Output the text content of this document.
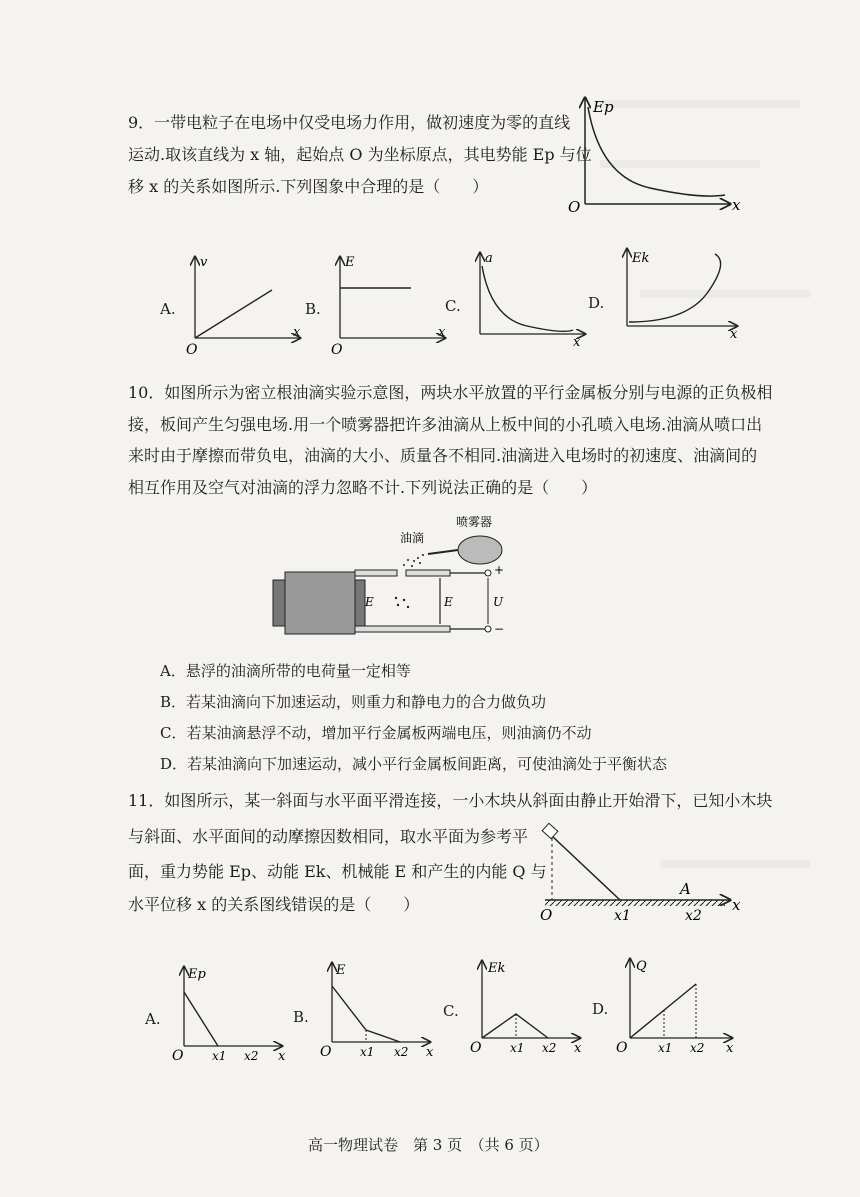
9．一带电粒子在电场中仅受电场力作用，做初速度为零的直线
运动.取该直线为 x 轴，起始点 O 为坐标原点，其电势能 Ep 与位
移 x 的关系如图所示.下列图象中合理的是（　　）
Ep
x
O
A.
v
x
O
B.
E
x
O
C.
a
x
D.
Ek
x
10．如图所示为密立根油滴实验示意图，两块水平放置的平行金属板分别与电源的正负极相
接，板间产生匀强电场.用一个喷雾器把许多油滴从上板中间的小孔喷入电场.油滴从喷口出
来时由于摩擦而带负电，油滴的大小、质量各不相同.油滴进入电场时的初速度、油滴间的
相互作用及空气对油滴的浮力忽略不计.下列说法正确的是（　　）
喷雾器
油滴
E	E	U
+
−
A．悬浮的油滴所带的电荷量一定相等
B．若某油滴向下加速运动，则重力和静电力的合力做负功
C．若某油滴悬浮不动，增加平行金属板两端电压，则油滴仍不动
D．若某油滴向下加速运动，减小平行金属板间距离，可使油滴处于平衡状态
11．如图所示，某一斜面与水平面平滑连接，一小木块从斜面由静止开始滑下，已知小木块
与斜面、水平面间的动摩擦因数相同，取水平面为参考平
面，重力势能 Ep、动能 Ek、机械能 E 和产生的内能 Q 与
水平位移 x 的关系图线错误的是（　　）
A
O	x1	x2
x
A.
Ep
O x1 x2 x
B.
E
O x1 x2 x
C.
Ek
O x1 x2 x
D.
Q
O	x1 x2 x
高一物理试卷　第 3 页　（共 6 页）
